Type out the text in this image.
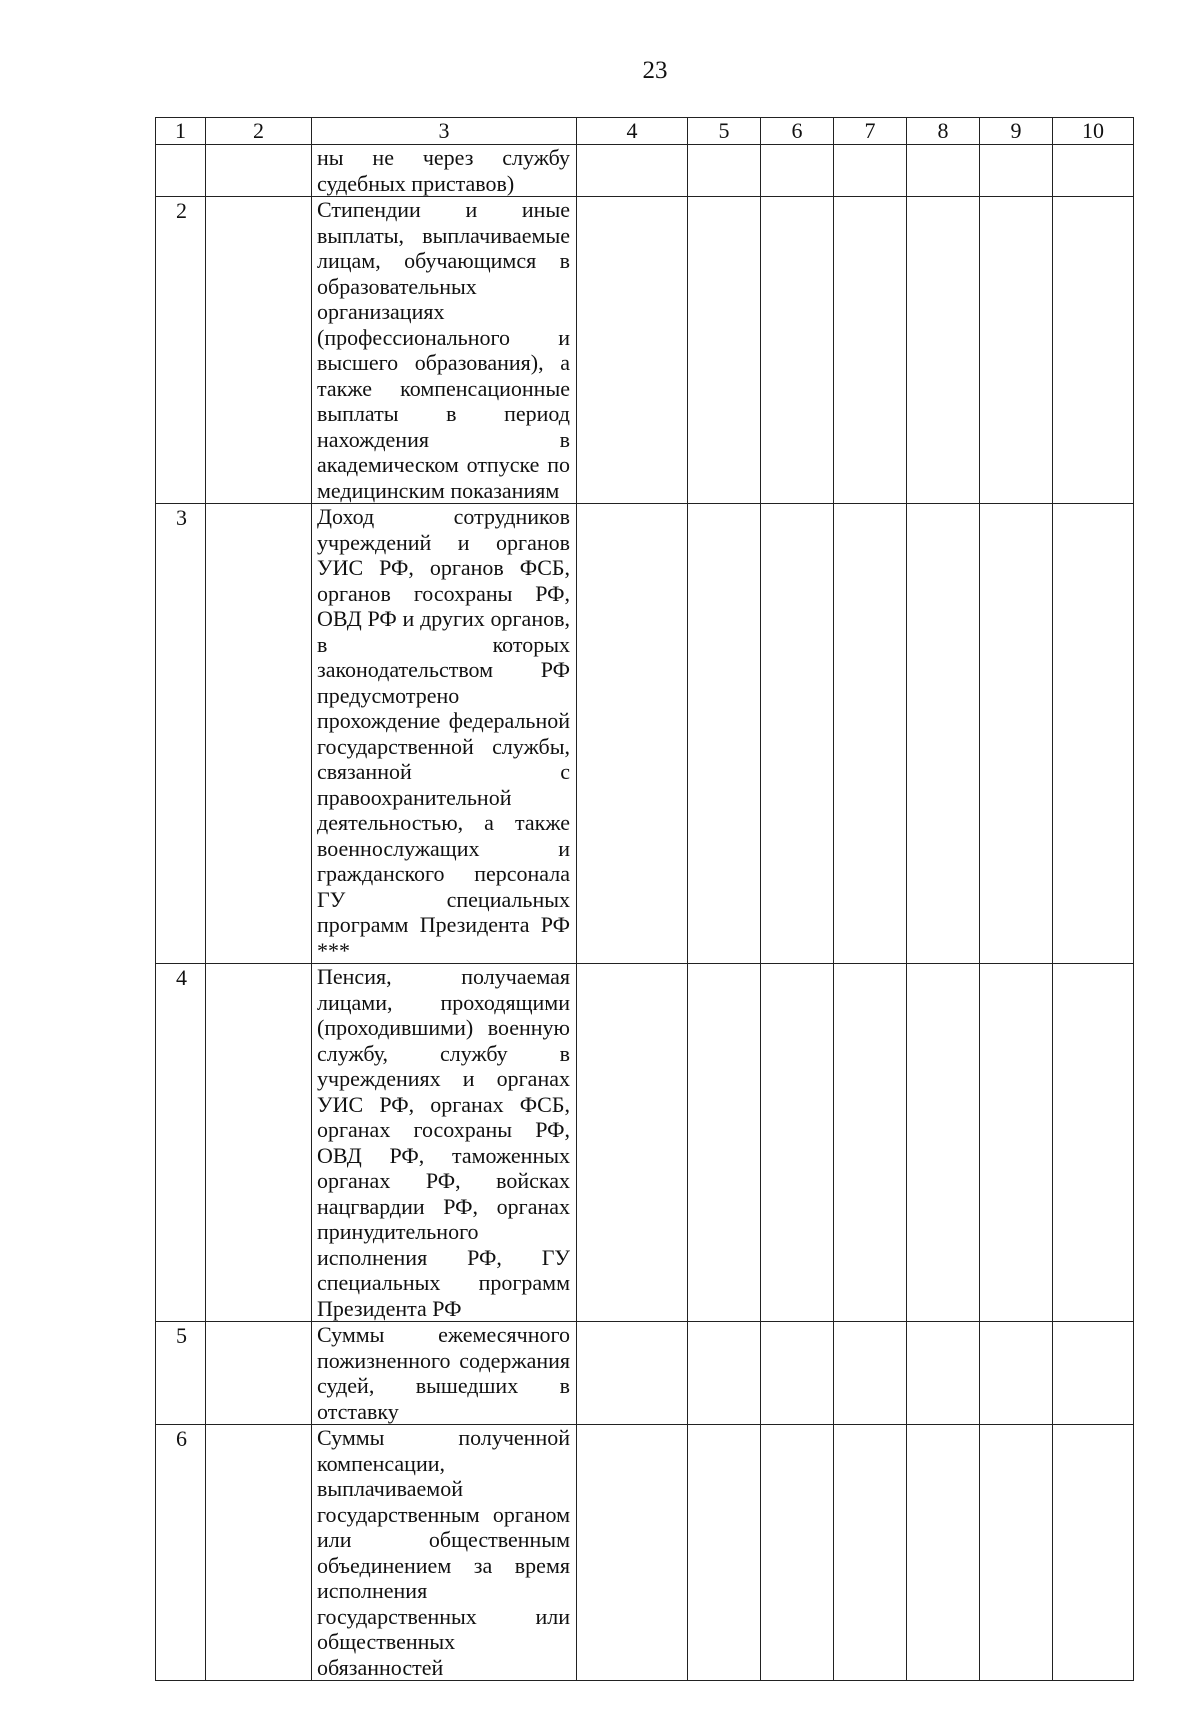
23
1	2	3	4	5	6	7	8	9	10
		ны не через службу судебных приставов)							
2		Стипендии и иные выплаты, выплачиваемые лицам, обучающимся в образовательных организациях (профессионального и высшего образования), а также компенсационные выплаты в период нахождения в академическом отпуске по медицинским показаниям							
3		Доход сотрудников учреждений и органов УИС РФ, органов ФСБ, органов госохраны РФ, ОВД РФ и других органов, в которых законодательством РФ предусмотрено прохождение федеральной государственной службы, связанной с правоохранительной деятельностью, а также военнослужащих и гражданского персонала ГУ специальных программ Президента РФ ***							
4		Пенсия, получаемая лицами, проходящими (проходившими) военную службу, службу в учреждениях и органах УИС РФ, органах ФСБ, органах госохраны РФ, ОВД РФ, таможенных органах РФ, войсках нацгвардии РФ, органах принудительного исполнения РФ, ГУ специальных программ Президента РФ							
5		Суммы ежемесячного пожизненного содержания судей, вышедших в отставку							
6		Суммы полученной компенсации, выплачиваемой государственным органом или общественным объединением за время исполнения государственных или общественных обязанностей							
